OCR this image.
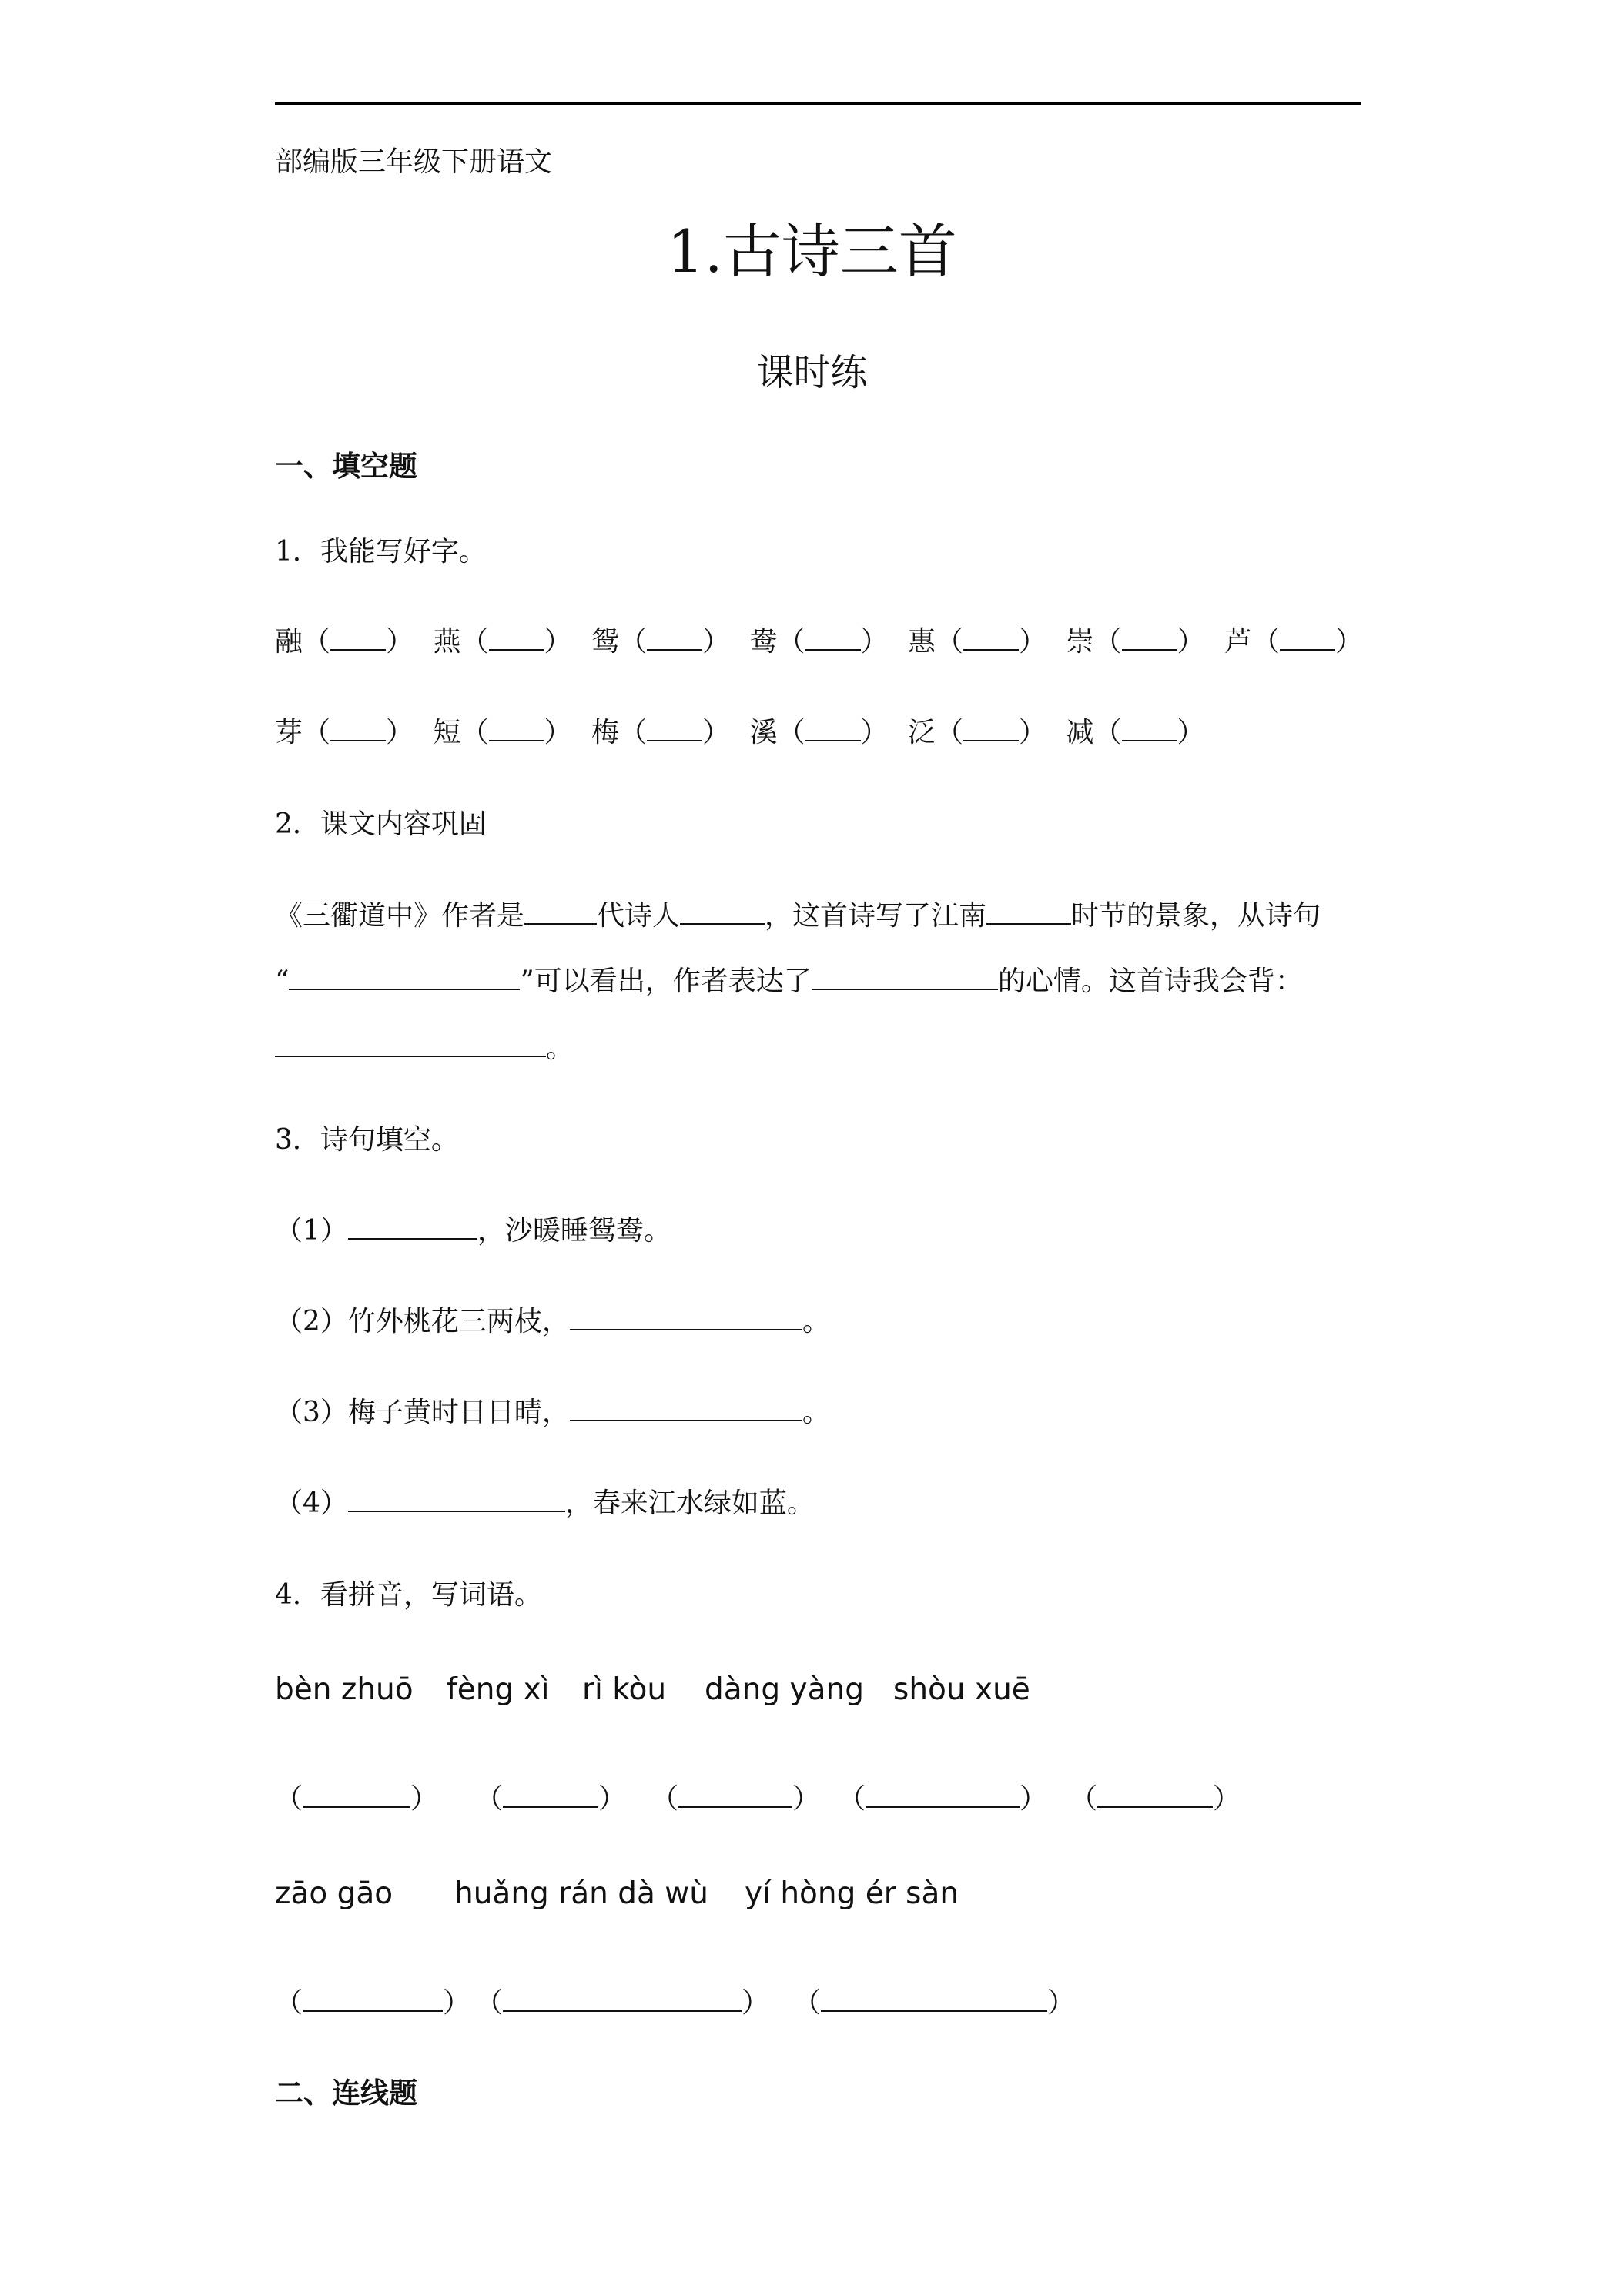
部编版三年级下册语文
1.古诗三首
课时练
一、填空题
1．我能写好字。
融（ ） 燕（ ） 鸳（ ） 鸯（ ） 惠（ ） 崇（ ） 芦（ ）
芽（ ） 短（ ） 梅（ ） 溪（ ） 泛（ ） 减（ ）
2．课文内容巩固
《三衢道中》作者是	代诗人	，这首诗写了江南	时节的景象，从诗句
“	”可以看出，作者表达了	的心情。这首诗我会背：
。
3．诗句填空。
（1）	，沙暖睡鸳鸯。
（2）竹外桃花三两枝，	。
（3）梅子黄时日日晴，	。
（4）	，春来江水绿如蓝。
4．看拼音，写词语。
bèn zhuō fèng xì rì kòu dàng yàng shòu xuē
（	） （	） （	） （	） （	）
zāo gāo huǎng rán dà wù yí hòng ér sàn
（	） （	） （	）
二、连线题
